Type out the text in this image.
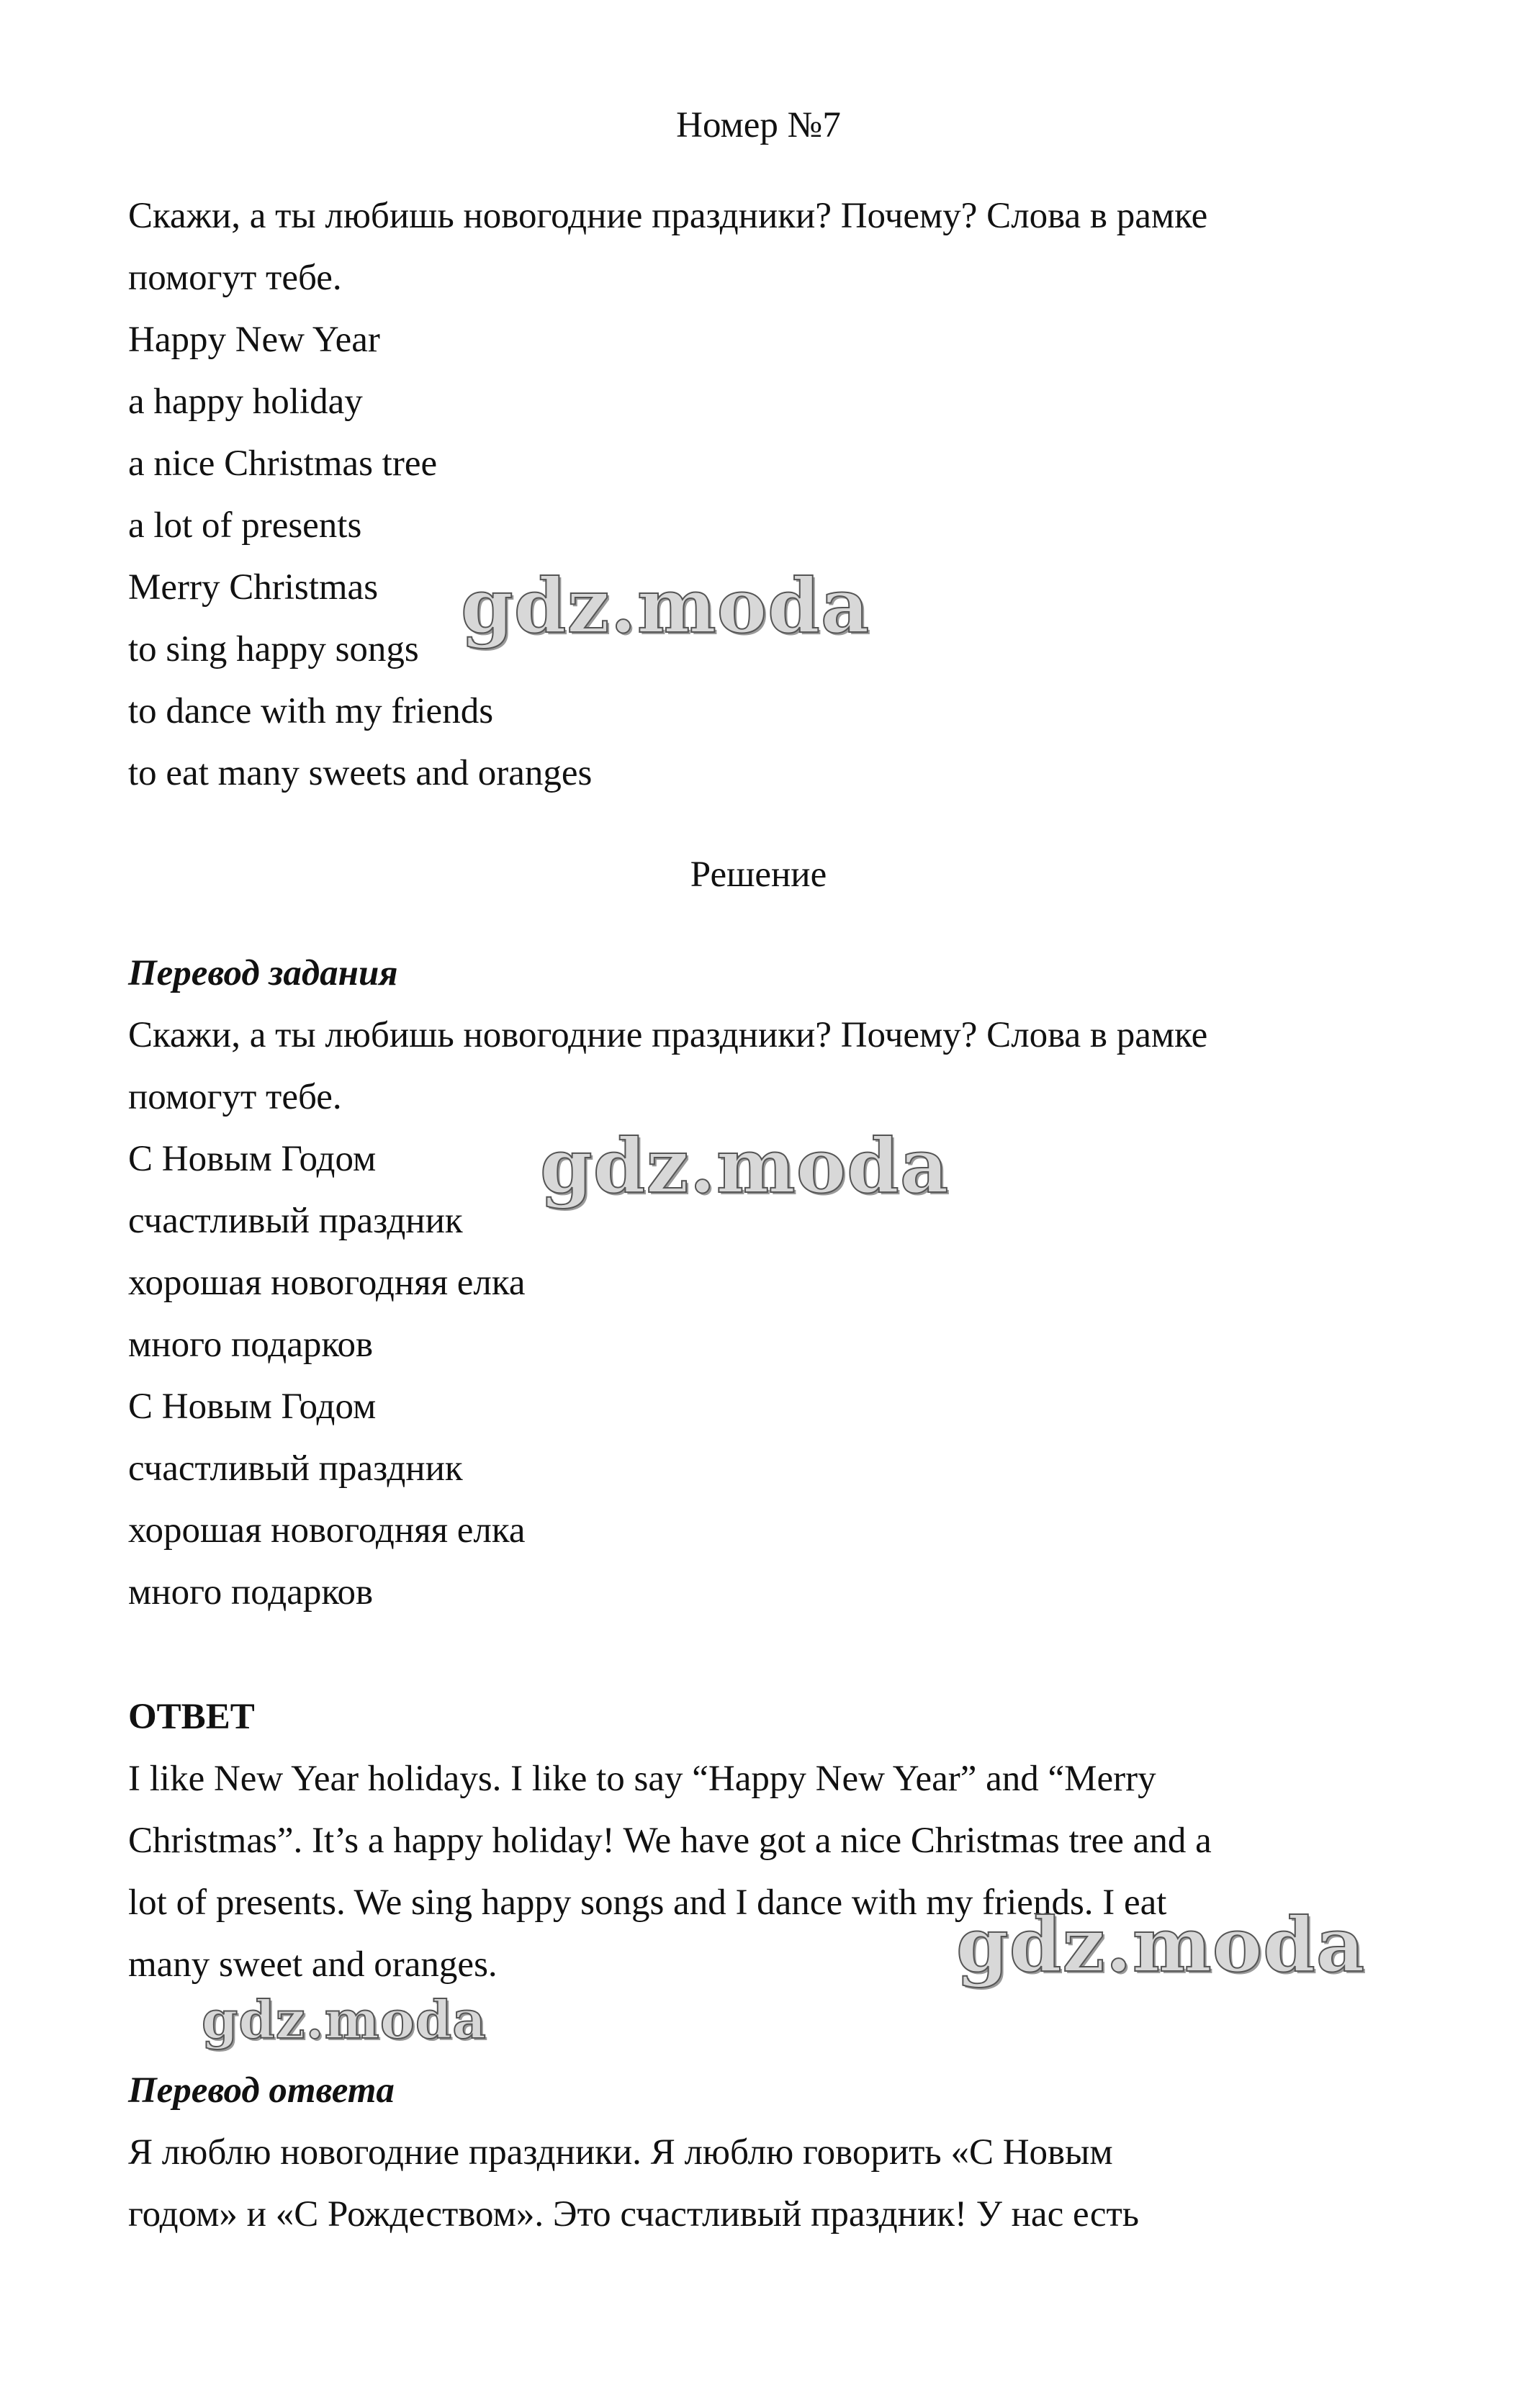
Номер №7
Скажи, а ты любишь новогодние праздники? Почему? Слова в рамке
помогут тебе.
Happy New Year
a happy holiday
a nice Christmas tree
a lot of presents
Merry Christmas
to sing happy songs
to dance with my friends
to eat many sweets and oranges
Решение
Перевод задания
Скажи, а ты любишь новогодние праздники? Почему? Слова в рамке
помогут тебе.
С Новым Годом
счастливый праздник
хорошая новогодняя елка
много подарков
С Новым Годом
счастливый праздник
хорошая новогодняя елка
много подарков
ОТВЕТ
I like New Year holidays. I like to say “Happy New Year” and “Merry
Christmas”. It’s a happy holiday! We have got a nice Christmas tree and a
lot of presents. We sing happy songs and I dance with my friends. I eat
many sweet and oranges.
Перевод ответа
Я люблю новогодние праздники. Я люблю говорить «С Новым
годом» и «С Рождеством». Это счастливый праздник! У нас есть
gdz.moda
gdz.moda
gdz.moda
gdz.moda
